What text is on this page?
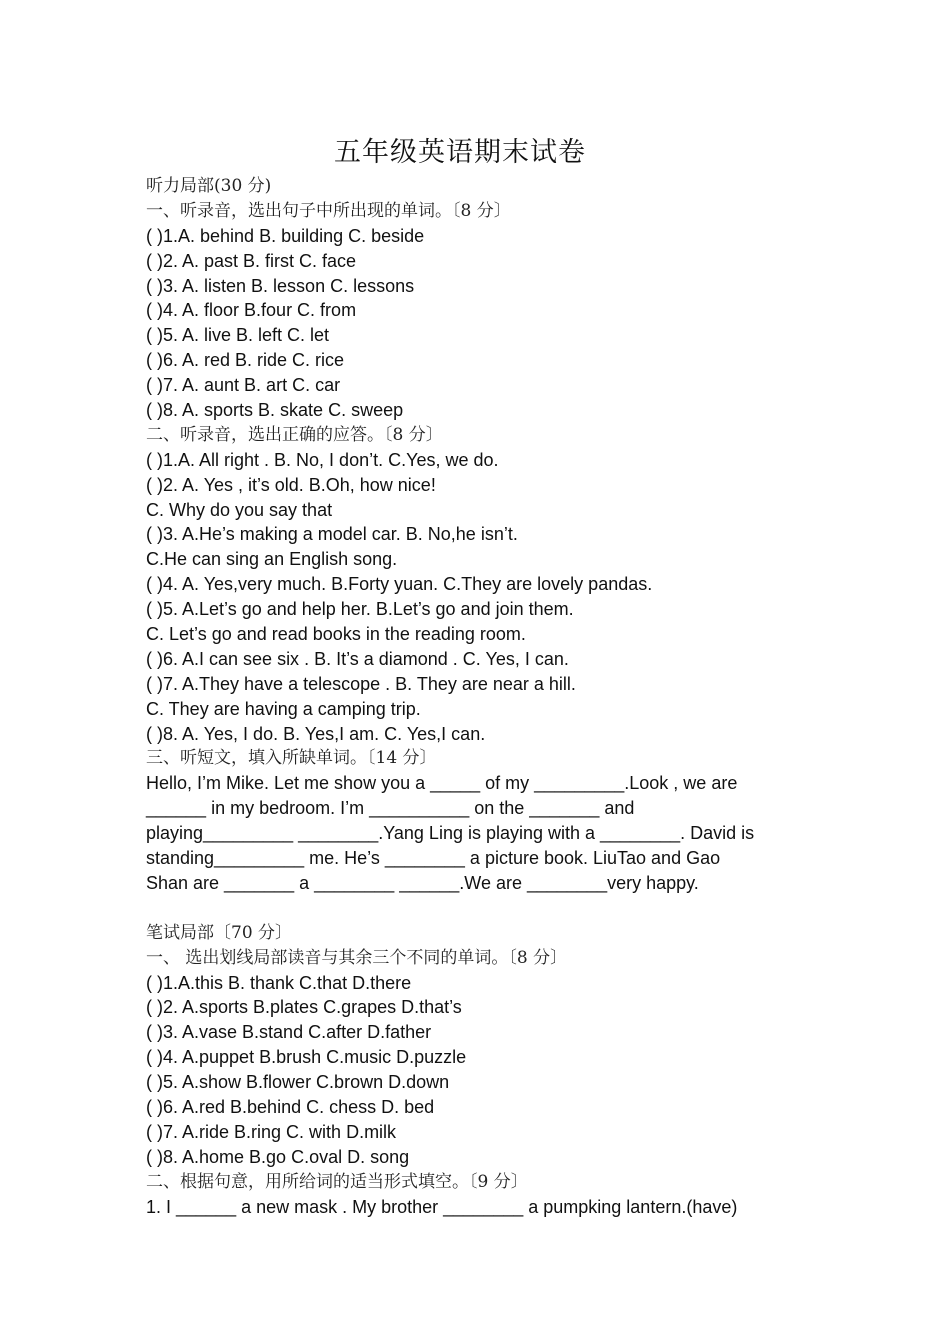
五年级英语期末试卷
听力局部(30 分)
一、听录音，选出句子中所出现的单词。〔8 分〕
( )1.A. behind B. building C. beside
( )2. A. past B. first C. face
( )3. A. listen B. lesson C. lessons
( )4. A. floor B.four C. from
( )5. A. live B. left C. let
( )6. A. red B. ride C. rice
( )7. A. aunt B. art C. car
( )8. A. sports B. skate C. sweep
二、听录音，选出正确的应答。〔8 分〕
( )1.A. All right . B. No, I don’t. C.Yes, we do.
( )2. A. Yes , it’s old. B.Oh, how nice!
C. Why do you say that
( )3. A.He’s making a model car. B. No,he isn’t.
C.He can sing an English song.
( )4. A. Yes,very much. B.Forty yuan. C.They are lovely pandas.
( )5. A.Let’s go and help her. B.Let’s go and join them.
C. Let’s go and read books in the reading room.
( )6. A.I can see six . B. It’s a diamond . C. Yes, I can.
( )7. A.They have a telescope . B. They are near a hill.
C. They are having a camping trip.
( )8. A. Yes, I do. B. Yes,I am. C. Yes,I can.
三、听短文，填入所缺单词。〔14 分〕
Hello, I’m Mike. Let me show you a _____ of my _________.Look , we are
______ in my bedroom. I’m __________ on the _______ and
playing_________ ________.Yang Ling is playing with a ________. David is
standing_________ me. He’s ________ a picture book. LiuTao and Gao
Shan are _______ a ________ ______.We are ________very happy.
笔试局部〔70 分〕
一、 选出划线局部读音与其余三个不同的单词。〔8 分〕
( )1.A.this B. thank C.that D.there
( )2. A.sports B.plates C.grapes D.that’s
( )3. A.vase B.stand C.after D.father
( )4. A.puppet B.brush C.music D.puzzle
( )5. A.show B.flower C.brown D.down
( )6. A.red B.behind C. chess D. bed
( )7. A.ride B.ring C. with D.milk
( )8. A.home B.go C.oval D. song
二、根据句意，用所给词的适当形式填空。〔9 分〕
1. I ______ a new mask . My brother ________ a pumpking lantern.(have)
